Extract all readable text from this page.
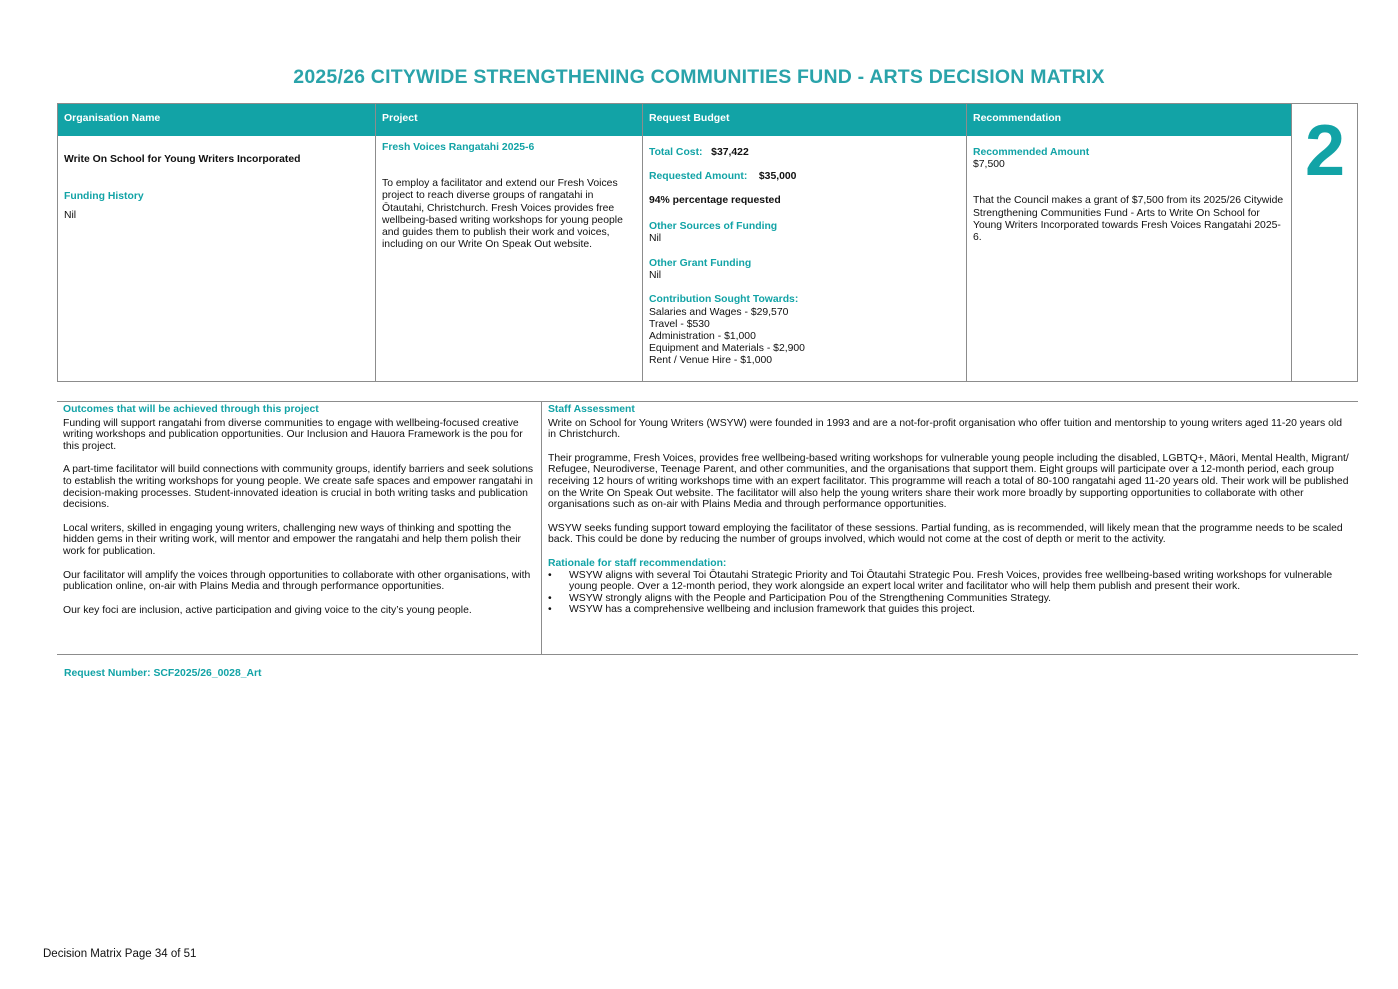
2025/26 CITYWIDE STRENGTHENING COMMUNITIES FUND - ARTS DECISION MATRIX
Organisation Name
Write On School for Young Writers Incorporated
Funding History
Nil
Project
Fresh Voices Rangatahi 2025-6
To employ a facilitator and extend our Fresh Voices project to reach diverse groups of rangatahi in Ōtautahi, Christchurch. Fresh Voices provides free wellbeing-based writing workshops for young people and guides them to publish their work and voices, including on our Write On Speak Out website.
Request Budget
Total Cost: $37,422
Requested Amount: $35,000
94% percentage requested
Other Sources of Funding
Nil
Other Grant Funding
Nil
Contribution Sought Towards:
Salaries and Wages - $29,570
Travel - $530
Administration - $1,000
Equipment and Materials - $2,900
Rent / Venue Hire - $1,000
Recommendation
Recommended Amount
$7,500
That the Council makes a grant of $7,500 from its 2025/26 Citywide Strengthening Communities Fund - Arts to Write On School for Young Writers Incorporated towards Fresh Voices Rangatahi 2025-6.
2
Outcomes that will be achieved through this project

Funding will support rangatahi from diverse communities to engage with wellbeing-focused creative writing workshops and publication opportunities. Our Inclusion and Hauora Framework is the pou for this project.

A part-time facilitator will build connections with community groups, identify barriers and seek solutions to establish the writing workshops for young people. We create safe spaces and empower rangatahi in decision-making processes. Student-innovated ideation is crucial in both writing tasks and publication decisions.

Local writers, skilled in engaging young writers, challenging new ways of thinking and spotting the hidden gems in their writing work, will mentor and empower the rangatahi and help them polish their work for publication.

Our facilitator will amplify the voices through opportunities to collaborate with other organisations, with publication online, on-air with Plains Media and through performance opportunities.

Our key foci are inclusion, active participation and giving voice to the city’s young people.

Staff Assessment

Write on School for Young Writers (WSYW) were founded in 1993 and are a not-for-profit organisation who offer tuition and mentorship to young writers aged 11-20 years old in Christchurch.

Their programme, Fresh Voices, provides free wellbeing-based writing workshops for vulnerable young people including the disabled, LGBTQ+, Māori, Mental Health, Migrant/ Refugee, Neurodiverse, Teenage Parent, and other communities, and the organisations that support them. Eight groups will participate over a 12-month period, each group receiving 12 hours of writing workshops time with an expert facilitator. This programme will reach a total of 80-100 rangatahi aged 11-20 years old. Their work will be published on the Write On Speak Out website. The facilitator will also help the young writers share their work more broadly by supporting opportunities to collaborate with other organisations such as on-air with Plains Media and through performance opportunities.

WSYW seeks funding support toward employing the facilitator of these sessions. Partial funding, as is recommended, will likely mean that the programme needs to be scaled back. This could be done by reducing the number of groups involved, which would not come at the cost of depth or merit to the activity.

Rationale for staff recommendation:
• WSYW aligns with several Toi Ōtautahi Strategic Priority and Toi Ōtautahi Strategic Pou. Fresh Voices, provides free wellbeing-based writing workshops for vulnerable young people. Over a 12-month period, they work alongside an expert local writer and facilitator who will help them publish and present their work.
• WSYW strongly aligns with the People and Participation Pou of the Strengthening Communities Strategy.
• WSYW has a comprehensive wellbeing and inclusion framework that guides this project.
Request Number: SCF2025/26_0028_Art
Decision Matrix Page 34 of 51
